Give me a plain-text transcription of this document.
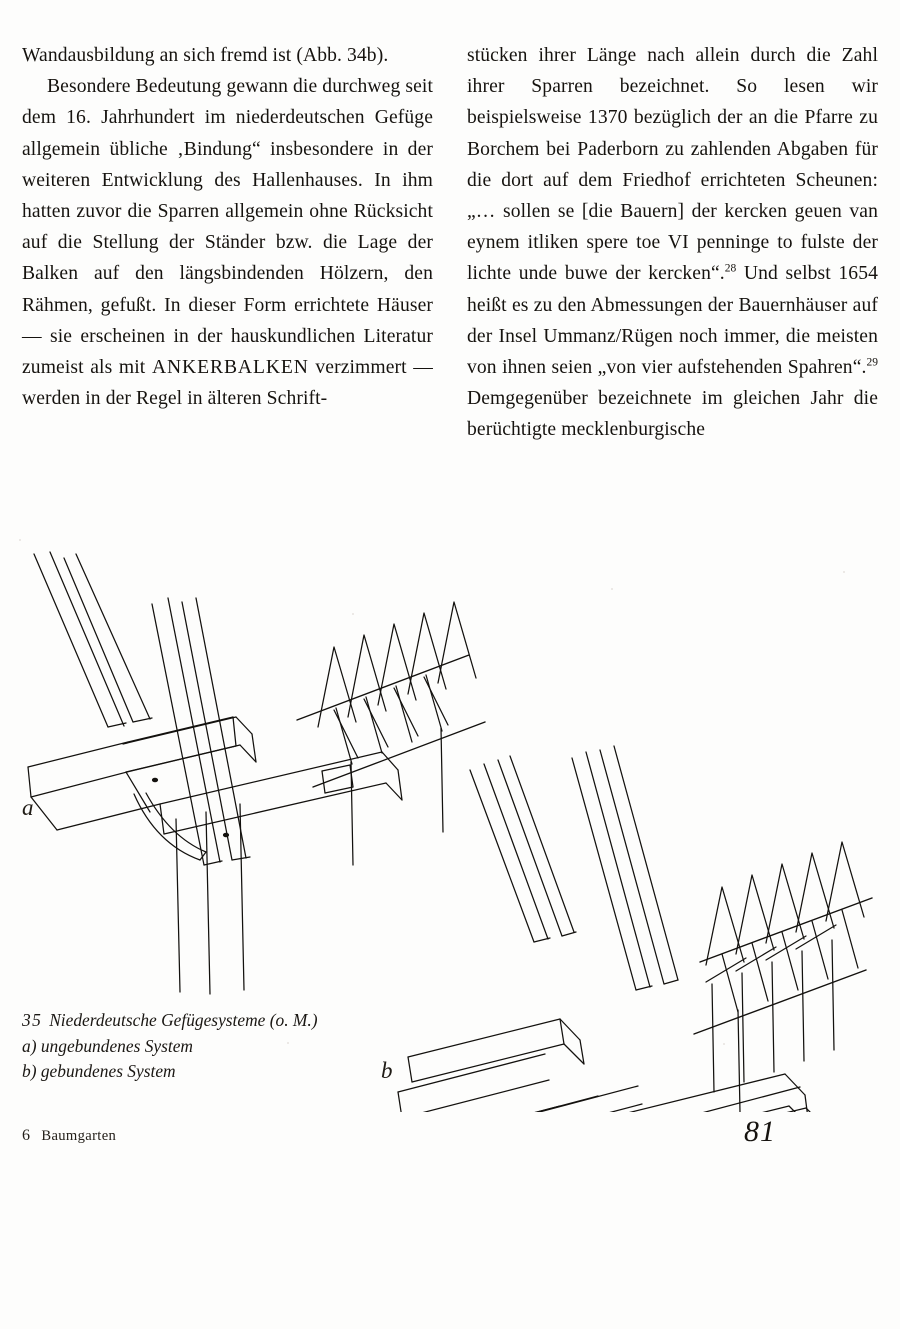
Wandausbildung an sich fremd ist (Abb. 34b).

Besondere Bedeutung gewann die durchweg seit dem 16. Jahrhundert im niederdeutschen Gefüge allgemein übliche ‚Bindung“ insbesondere in der weiteren Entwicklung des Hallenhauses. In ihm hatten zuvor die Sparren allgemein ohne Rücksicht auf die Stellung der Ständer bzw. die Lage der Balken auf den längsbindenden Hölzern, den Rähmen, gefußt. In dieser Form errichtete Häuser — sie erscheinen in der hauskundlichen Literatur zumeist als mit ANKERBALKEN verzimmert — werden in der Regel in älteren Schrift-

stücken ihrer Länge nach allein durch die Zahl ihrer Sparren bezeichnet. So lesen wir beispielsweise 1370 bezüglich der an die Pfarre zu Borchem bei Paderborn zu zahlenden Abgaben für die dort auf dem Friedhof errichteten Scheunen: „… sollen se [die Bauern] der kercken geuen van eynem itliken spere toe VI penninge to fulste der lichte unde buwe der kercken“.$^{28}$ Und selbst 1654 heißt es zu den Abmessungen der Bauernhäuser auf der Insel Ummanz/Rügen noch immer, die meisten von ihnen seien „von vier aufstehenden Spahren“.$^{29}$ Demgegenüber bezeichnete im gleichen Jahr die berüchtigte mecklenburgische

a
b
35 Niederdeutsche Gefügesysteme (o. M.)
a) ungebundenes System
b) gebundenes System
6 Baumgarten	81
